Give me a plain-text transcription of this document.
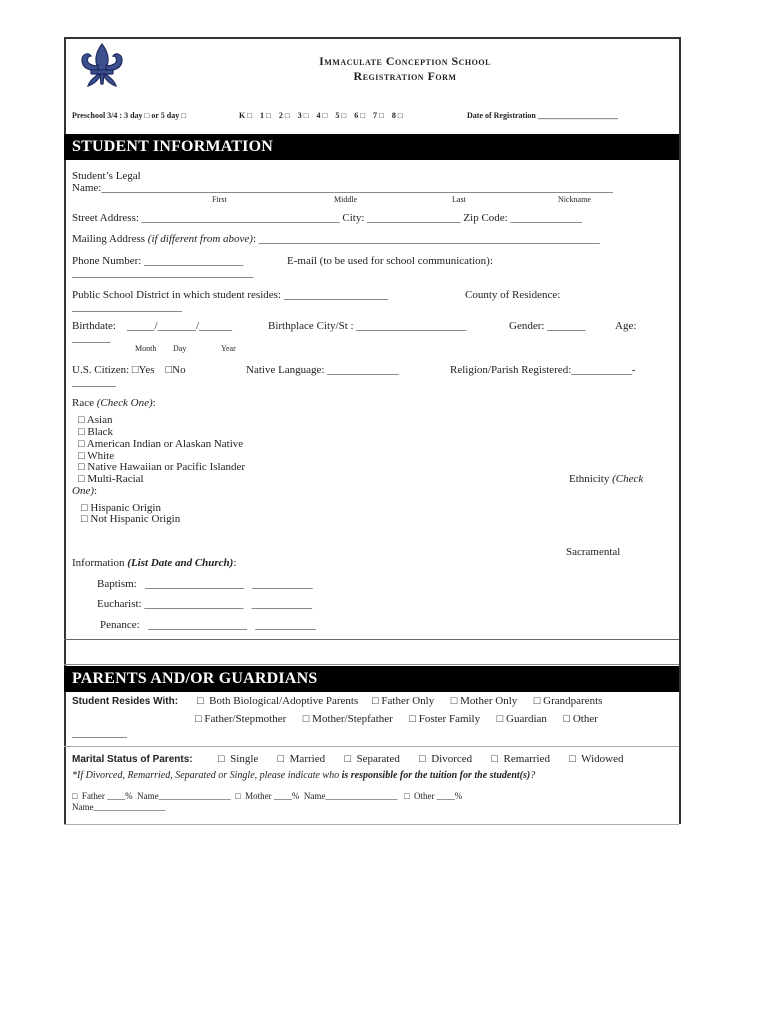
Immaculate Conception School
Registration Form
Preschool 3/4 : 3 day □ or 5 day □	K □    1 □    2 □    3 □    4 □    5 □    6 □    7 □    8 □	Date of Registration ____________________
STUDENT INFORMATION
Student’s Legal
Name:_____________________________________________________________________________________________
First	Middle	Last	Nickname
Street Address: ____________________________________ City: _________________ Zip Code: _____________
Mailing Address (if different from above): ______________________________________________________________
Phone Number: __________________	E-mail (to be used for school communication):
_________________________________
Public School District in which student resides: ___________________	County of Residence:
____________________
Birthdate:    _____/_______/______	Birthplace City/St : ____________________	Gender: _______	Age:
_______
Month Day	Year
U.S. Citizen: □Yes    □No	Native Language: _____________	Religion/Parish Registered:___________-
________
Race (Check One):
□ Asian
□ Black
□ American Indian or Alaskan Native
□ White
□ Native Hawaiian or Pacific Islander
□ Multi-Racial	Ethnicity (Check
One):
□ Hispanic Origin
□ Not Hispanic Origin
Sacramental
Information (List Date and Church):
Baptism:   __________________   ___________
Eucharist: __________________   ___________
Penance:   __________________   ___________
PARENTS AND/OR GUARDIANS
Student Resides With: □  Both Biological/Adoptive Parents     □ Father Only      □ Mother Only      □ Grandparents
□ Father/Stepmother      □ Mother/Stepfather      □ Foster Family      □ Guardian      □ Other
__________
Marital Status of Parents: □  Single       □  Married       □  Separated       □  Divorced       □  Remarried       □  Widowed
*If Divorced, Remarried, Separated or Single, please indicate who is responsible for the tuition for the student(s)?
□  Father ____%  Name________________  □  Mother ____%  Name________________   □  Other ____%
Name________________
